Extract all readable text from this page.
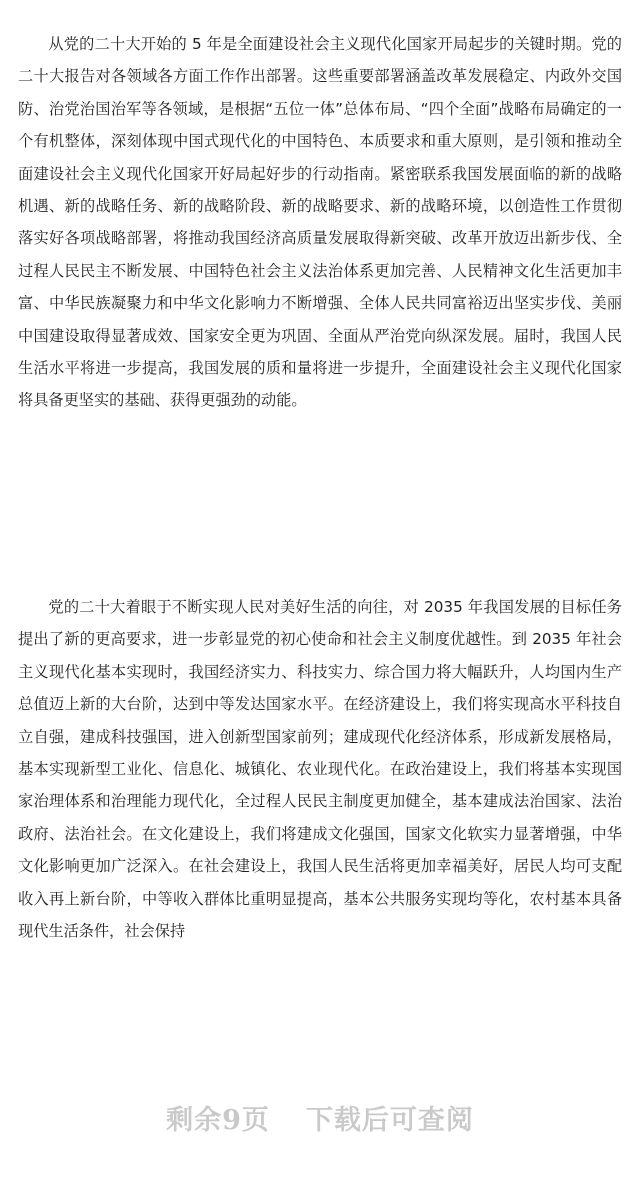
从党的二十大开始的 5 年是全面建设社会主义现代化国家开局起步的关键时期。党的二十大报告对各领域各方面工作作出部署。这些重要部署涵盖改革发展稳定、内政外交国防、治党治国治军等各领域，是根据“五位一体”总体布局、“四个全面”战略布局确定的一个有机整体，深刻体现中国式现代化的中国特色、本质要求和重大原则，是引领和推动全面建设社会主义现代化国家开好局起好步的行动指南。紧密联系我国发展面临的新的战略机遇、新的战略任务、新的战略阶段、新的战略要求、新的战略环境，以创造性工作贯彻落实好各项战略部署，将推动我国经济高质量发展取得新突破、改革开放迈出新步伐、全过程人民民主不断发展、中国特色社会主义法治体系更加完善、人民精神文化生活更加丰富、中华民族凝聚力和中华文化影响力不断增强、全体人民共同富裕迈出坚实步伐、美丽中国建设取得显著成效、国家安全更为巩固、全面从严治党向纵深发展。届时，我国人民生活水平将进一步提高，我国发展的质和量将进一步提升，全面建设社会主义现代化国家将具备更坚实的基础、获得更强劲的动能。

党的二十大着眼于不断实现人民对美好生活的向往，对 2035 年我国发展的目标任务提出了新的更高要求，进一步彰显党的初心使命和社会主义制度优越性。到 2035 年社会主义现代化基本实现时，我国经济实力、科技实力、综合国力将大幅跃升，人均国内生产总值迈上新的大台阶，达到中等发达国家水平。在经济建设上，我们将实现高水平科技自立自强，建成科技强国，进入创新型国家前列；建成现代化经济体系，形成新发展格局，基本实现新型工业化、信息化、城镇化、农业现代化。在政治建设上，我们将基本实现国家治理体系和治理能力现代化，全过程人民民主制度更加健全，基本建成法治国家、法治政府、法治社会。在文化建设上，我们将建成文化强国，国家文化软实力显著增强，中华文化影响更加广泛深入。在社会建设上，我国人民生活将更加幸福美好，居民人均可支配收入再上新台阶，中等收入群体比重明显提高，基本公共服务实现均等化，农村基本具备现代生活条件，社会保持

剩余9页 下载后可查阅
